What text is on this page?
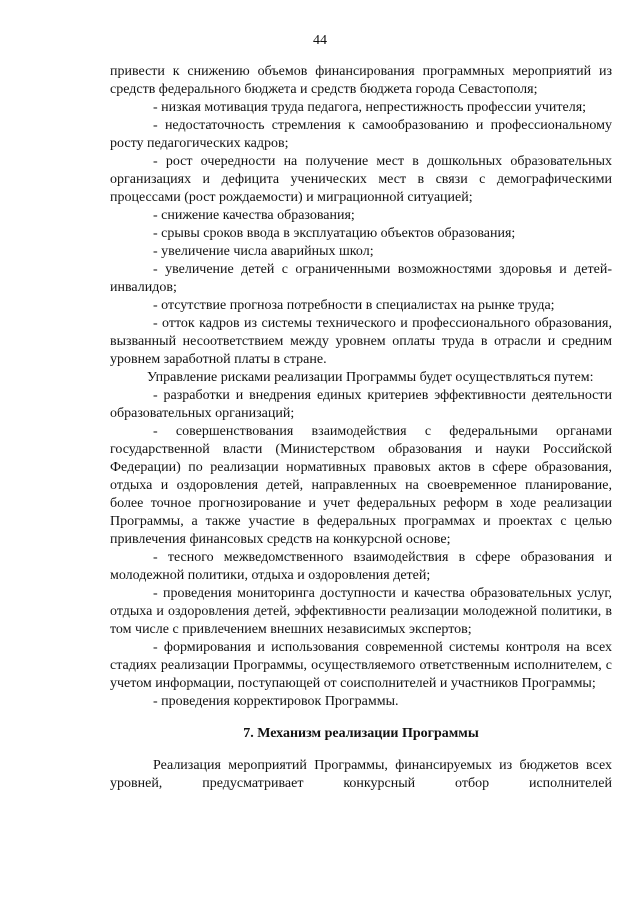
44

привести к снижению объемов финансирования программных мероприятий из средств федерального бюджета и средств бюджета города Севастополя;

- низкая мотивация труда педагога, непрестижность профессии учителя;

- недостаточность стремления к самообразованию и профессиональному росту педагогических кадров;

- рост очередности на получение мест в дошкольных образовательных организациях и дефицита ученических мест в связи с демографическими процессами (рост рождаемости) и миграционной ситуацией;

- снижение качества образования;

- срывы сроков ввода в эксплуатацию объектов образования;

- увеличение числа аварийных школ;

- увеличение детей с ограниченными возможностями здоровья и детей-инвалидов;

- отсутствие прогноза потребности в специалистах на рынке труда;

- отток кадров из системы технического и профессионального образования, вызванный несоответствием между уровнем оплаты труда в отрасли и средним уровнем заработной платы в стране.

Управление рисками реализации Программы будет осуществляться путем:

- разработки и внедрения единых критериев эффективности деятельности образовательных организаций;

- совершенствования взаимодействия с федеральными органами государственной власти (Министерством образования и науки Российской Федерации) по реализации нормативных правовых актов в сфере образования, отдыха и оздоровления детей, направленных на своевременное планирование, более точное прогнозирование и учет федеральных реформ в ходе реализации Программы, а также участие в федеральных программах и проектах с целью привлечения финансовых средств на конкурсной основе;

- тесного межведомственного взаимодействия в сфере образования и молодежной политики, отдыха и оздоровления детей;

- проведения мониторинга доступности и качества образовательных услуг, отдыха и оздоровления детей, эффективности реализации молодежной политики, в том числе с привлечением внешних независимых экспертов;

- формирования и использования современной системы контроля на всех стадиях реализации Программы, осуществляемого ответственным исполнителем, с учетом информации, поступающей от соисполнителей и участников Программы;

- проведения корректировок Программы.

7. Механизм реализации Программы

Реализация мероприятий Программы, финансируемых из бюджетов всех уровней, предусматривает конкурсный отбор исполнителей
